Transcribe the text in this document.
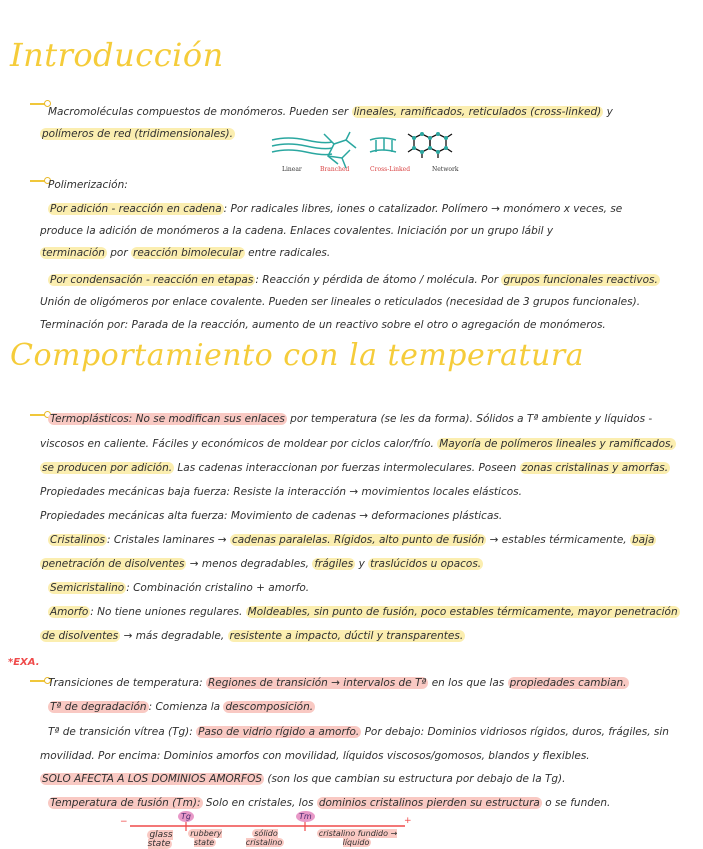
Introducción
Comportamiento con la temperatura
Macromoléculas compuestos de monómeros. Pueden ser lineales, ramificados, reticulados (cross-linked) y
polímeros de red (tridimensionales).
Linear	Branched	Cross-Linked	Network
Polimerización:
Por adición - reacción en cadena : Por radicales libres, iones o catalizador. Polímero → monómero x veces, se
produce la adición de monómeros a la cadena. Enlaces covalentes. Iniciación por un grupo lábil y
terminación por reacción bimolecular entre radicales.
Por condensación - reacción en etapas : Reacción y pérdida de átomo / molécula. Por grupos funcionales reactivos.
Unión de oligómeros por enlace covalente. Pueden ser lineales o reticulados (necesidad de 3 grupos funcionales).
Terminación por: Parada de la reacción, aumento de un reactivo sobre el otro o agregación de monómeros.
Termoplásticos: No se modifican sus enlaces por temperatura (se les da forma). Sólidos a Tª ambiente y líquidos -
viscosos en caliente. Fáciles y económicos de moldear por ciclos calor/frío. Mayoría de polímeros lineales y ramificados,
se producen por adición. Las cadenas interaccionan por fuerzas intermoleculares. Poseen zonas cristalinas y amorfas.
Propiedades mecánicas baja fuerza: Resiste la interacción → movimientos locales elásticos.
Propiedades mecánicas alta fuerza: Movimiento de cadenas → deformaciones plásticas.
Cristalinos : Cristales laminares → cadenas paralelas. Rígidos, alto punto de fusión → estables térmicamente, baja
penetración de disolventes → menos degradables, frágiles y traslúcidos u opacos.
Semicristalino : Combinación cristalino + amorfo.
Amorfo : No tiene uniones regulares. Moldeables, sin punto de fusión, poco estables térmicamente, mayor penetración
de disolventes → más degradable, resistente a impacto, dúctil y transparentes.
*EXA.
Transiciones de temperatura: Regiones de transición → intervalos de Tª en los que las propiedades cambian.
Tª de degradación : Comienza la descomposición.
Tª de transición vítrea (Tg): Paso de vidrio rígido a amorfo. Por debajo: Dominios vidriosos rígidos, duros, frágiles, sin
movilidad. Por encima: Dominios amorfos con movilidad, líquidos viscosos/gomosos, blandos y flexibles.
SOLO AFECTA A LOS DOMINIOS AMORFOS (son los que cambian su estructura por debajo de la Tg).
Temperatura de fusión (Tm): Solo en cristales, los dominios cristalinos pierden su estructura o se funden.
−	+
Tg	Tm
glass state
rubbery state
sólido cristalino
cristalino fundido → líquido
